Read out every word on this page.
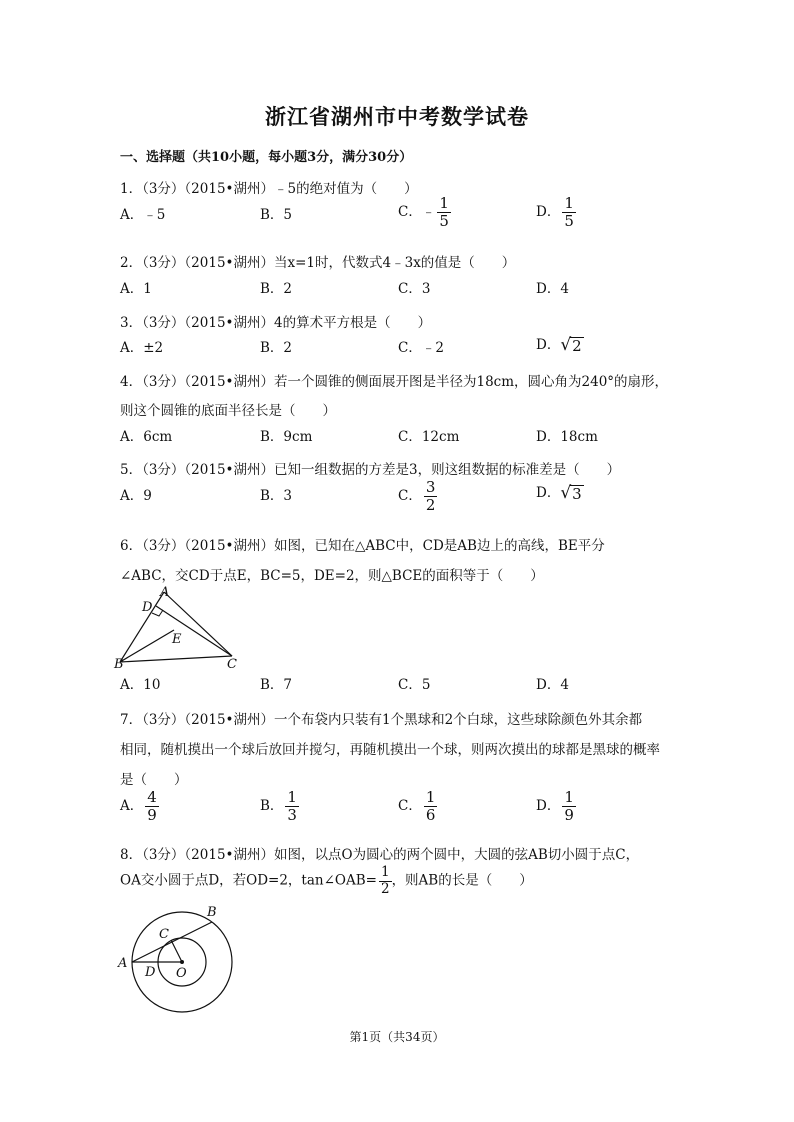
浙江省湖州市中考数学试卷
一、选择题（共10小题，每小题3分，满分30分）
1．（3分）（2015•湖州）﹣5的绝对值为（　　）
A．﹣5	B．5	C．﹣ $\frac{1}{5}$	D． $\frac{1}{5}$
2．（3分）（2015•湖州）当x=1时，代数式4﹣3x的值是（　　）
A．1	B．2	C．3	D．4
3．（3分）（2015•湖州）4的算术平方根是（　　）
A．±2	B．2	C．﹣2	D． √ 2
4．（3分）（2015•湖州）若一个圆锥的侧面展开图是半径为18cm，圆心角为240°的扇形，
则这个圆锥的底面半径长是（　　）
A．6cm	B．9cm	C．12cm	D．18cm
5．（3分）（2015•湖州）已知一组数据的方差是3，则这组数据的标准差是（　　）
A．9	B．3	C． $\frac{3}{2}$	D． √ 3
6．（3分）（2015•湖州）如图，已知在△ABC中，CD是AB边上的高线，BE平分
∠ABC，交CD于点E，BC=5，DE=2，则△BCE的面积等于（　　）
A
B	C
D
E
A．10	B．7	C．5	D．4
7．（3分）（2015•湖州）一个布袋内只装有1个黑球和2个白球，这些球除颜色外其余都
相同，随机摸出一个球后放回并搅匀，再随机摸出一个球，则两次摸出的球都是黑球的概率
是（　　）
A． $\frac{4}{9}$	B． $\frac{1}{3}$	C． $\frac{1}{6}$	D． $\frac{1}{9}$
8．（3分）（2015•湖州）如图，以点O为圆心的两个圆中，大圆的弦AB切小圆于点C，
OA交小圆于点D，若OD=2，tan∠OAB= $\frac{1}{2}$ ，则AB的长是（　　）
A
B
C
D O
第1页（共34页）
